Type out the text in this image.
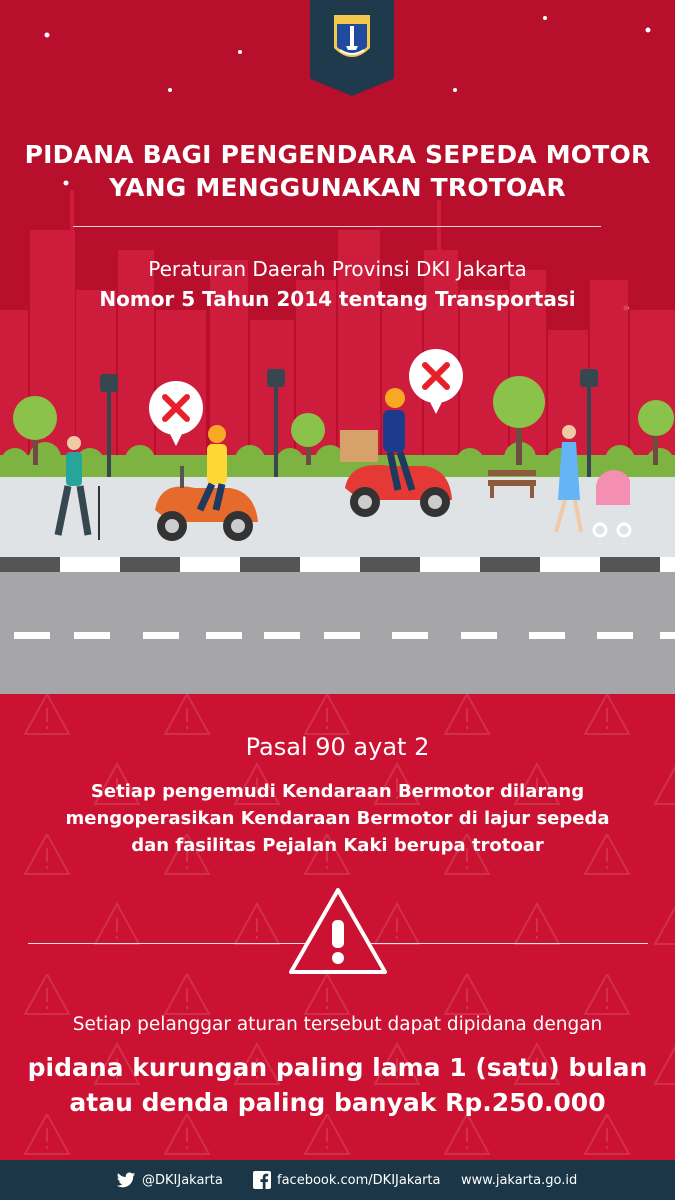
PIDANA BAGI PENGENDARA SEPEDA MOTOR
YANG MENGGUNAKAN TROTOAR
Peraturan Daerah Provinsi DKI Jakarta
Nomor 5 Tahun 2014 tentang Transportasi
Pasal 90 ayat 2
Setiap pengemudi Kendaraan Bermotor dilarang
mengoperasikan Kendaraan Bermotor di lajur sepeda
dan fasilitas Pejalan Kaki berupa trotoar
Setiap pelanggar aturan tersebut dapat dipidana dengan
pidana kurungan paling lama 1 (satu) bulan
atau denda paling banyak Rp.250.000
@DKIJakarta	facebook.com/DKIJakarta www.jakarta.go.id
